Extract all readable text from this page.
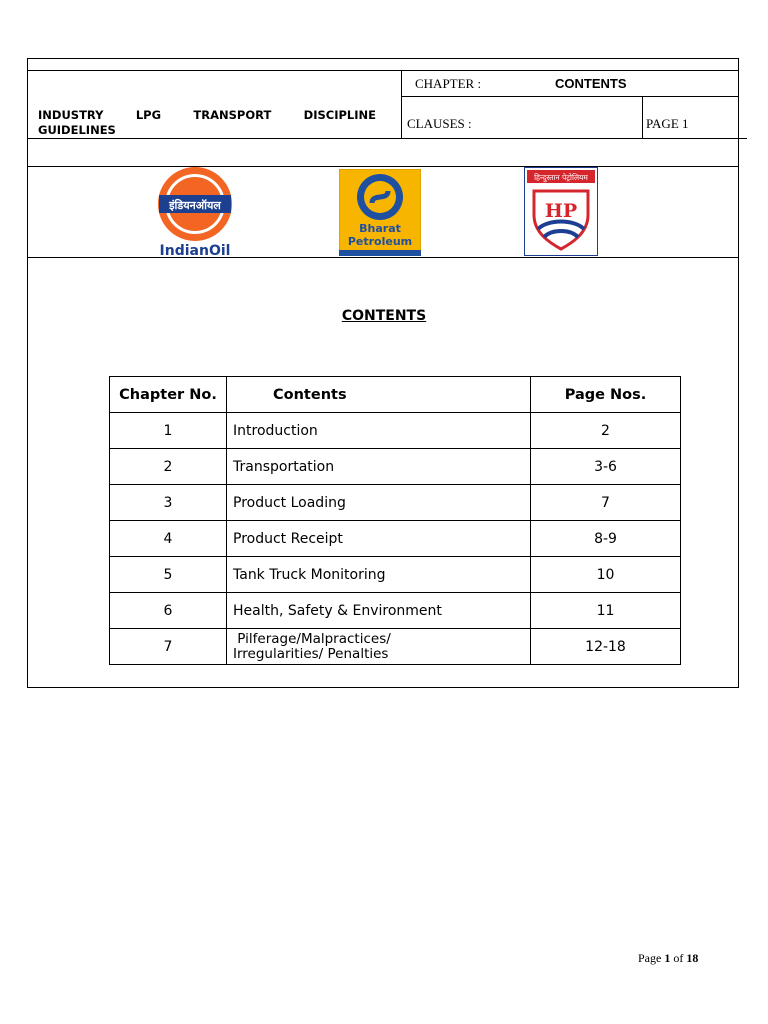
INDUSTRY	LPG	TRANSPORT	DISCIPLINE
GUIDELINES
CHAPTER :	CONTENTS
CLAUSES :	PAGE 1
इंडियनऑयल
IndianOil
Bharat
Petroleum
हिन्दुस्तान पेट्रोलियम
HP
CONTENTS
Chapter No.	Contents	Page Nos.
1	Introduction	2
2	Transportation	3-6
3	Product Loading	7
4	Product Receipt	8-9
5	Tank Truck Monitoring	10
6	Health, Safety & Environment	11
7	Pilferage/Malpractices/
Irregularities/ Penalties	12-18
Page 1 of 18
